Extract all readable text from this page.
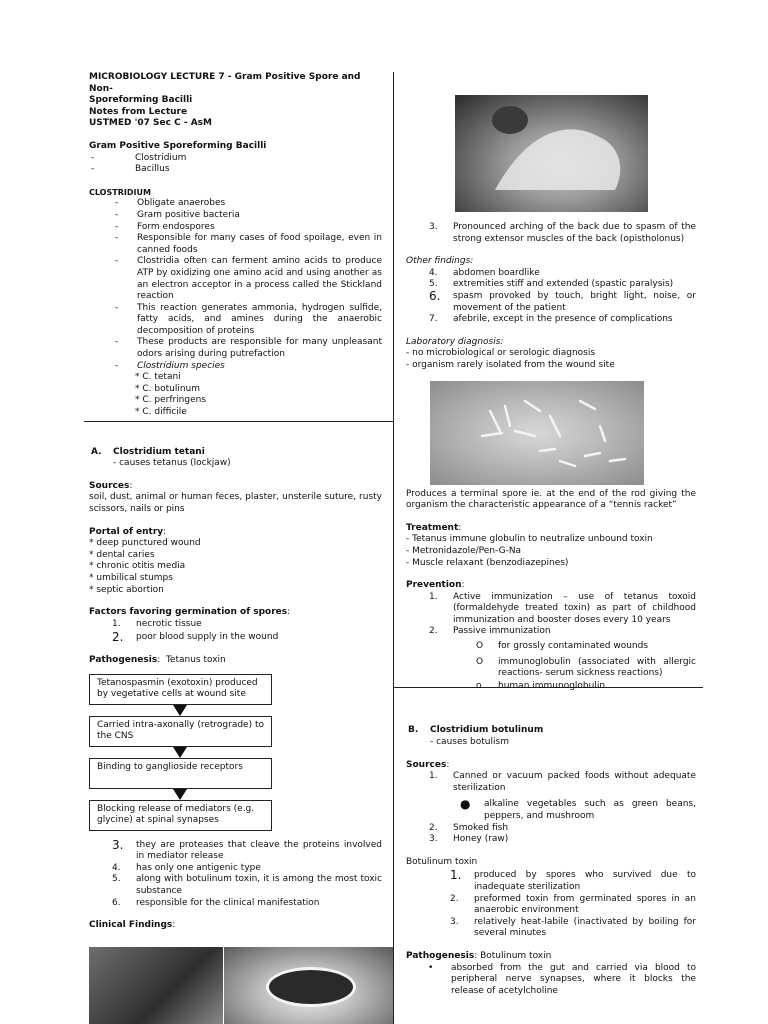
MICROBIOLOGY LECTURE 7 - Gram Positive Spore and Non-
Sporeforming Bacilli
Notes from Lecture
USTMED '07 Sec C - AsM
Gram Positive Sporeforming Bacilli
-	Clostridium
-	Bacillus
CLOSTRIDIUM
-	Obligate anaerobes
-	Gram positive bacteria
-	Form endospores
-	Responsible for many cases of food spoilage, even in canned foods
-	Clostridia often can ferment amino acids to produce ATP by oxidizing one amino acid and using another as an electron acceptor in a process called the Stickland reaction
-	This reaction generates ammonia, hydrogen sulfide, fatty acids, and amines during the anaerobic decomposition of proteins
-	These products are responsible for many unpleasant odors arising during putrefaction
-	Clostridium species
* C. tetani
* C. botulinum
* C. perfringens
* C. difficile
A.	Clostridium tetani
- causes tetanus (lockjaw)
Sources:
soil, dust, animal or human feces, plaster, unsterile suture, rusty scissors, nails or pins
Portal of entry:
* deep punctured wound
* dental caries
* chronic otitis media
* umbilical stumps
* septic abortion
Factors favoring germination of spores:
1.	necrotic tissue
2.	poor blood supply in the wound
Pathogenesis:  Tetanus toxin
Tetanospasmin (exotoxin) produced by vegetative cells at wound site
Carried intra-axonally (retrograde) to the CNS
Binding to ganglioside receptors
Blocking release of mediators (e.g. glycine) at spinal synapses
3.	they are proteases that cleave the proteins involved in mediator release
4.	has only one antigenic type
5.	along with botulinum toxin, it is among the most toxic substance
6.	responsible for the clinical manifestation
Clinical Findings:
3.	Pronounced arching of the back due to spasm of the strong extensor muscles of the back (opistholonus)
Other findings:
4.	abdomen boardlike
5.	extremities stiff and extended (spastic paralysis)
6.	spasm provoked by touch, bright light, noise, or movement of the patient
7.	afebrile, except in the presence of complications
Laboratory diagnosis:
- no microbiological or serologic diagnosis
- organism rarely isolated from the wound site
Produces a terminal spore ie. at the end of the rod giving the organism the characteristic appearance of a “tennis racket”
Treatment:
- Tetanus immune globulin to neutralize unbound toxin
- Metronidazole/Pen-G-Na
- Muscle relaxant (benzodiazepines)
Prevention:
1.	Active immunization – use of tetanus toxoid (formaldehyde treated toxin) as part of childhood immunization and booster doses every 10 years
2.	Passive immunization
O	for grossly contaminated wounds
O	immunoglobulin (associated with allergic reactions- serum sickness reactions)
o	human immunoglobulin
B.	Clostridium botulinum
- causes botulism
Sources:
1.	Canned or vacuum packed foods without adequate sterilization
●	alkaline vegetables such as green beans, peppers, and mushroom
2.	Smoked fish
3.	Honey (raw)
Botulinum toxin
1.	produced by spores who survived due to inadequate sterilization
2.	preformed toxin from germinated spores in an anaerobic environment
3.	relatively heat-labile (inactivated by boiling for several minutes
Pathogenesis: Botulinum toxin
•	absorbed from the gut and carried via blood to peripheral nerve synapses, where it blocks the release of acetylcholine
